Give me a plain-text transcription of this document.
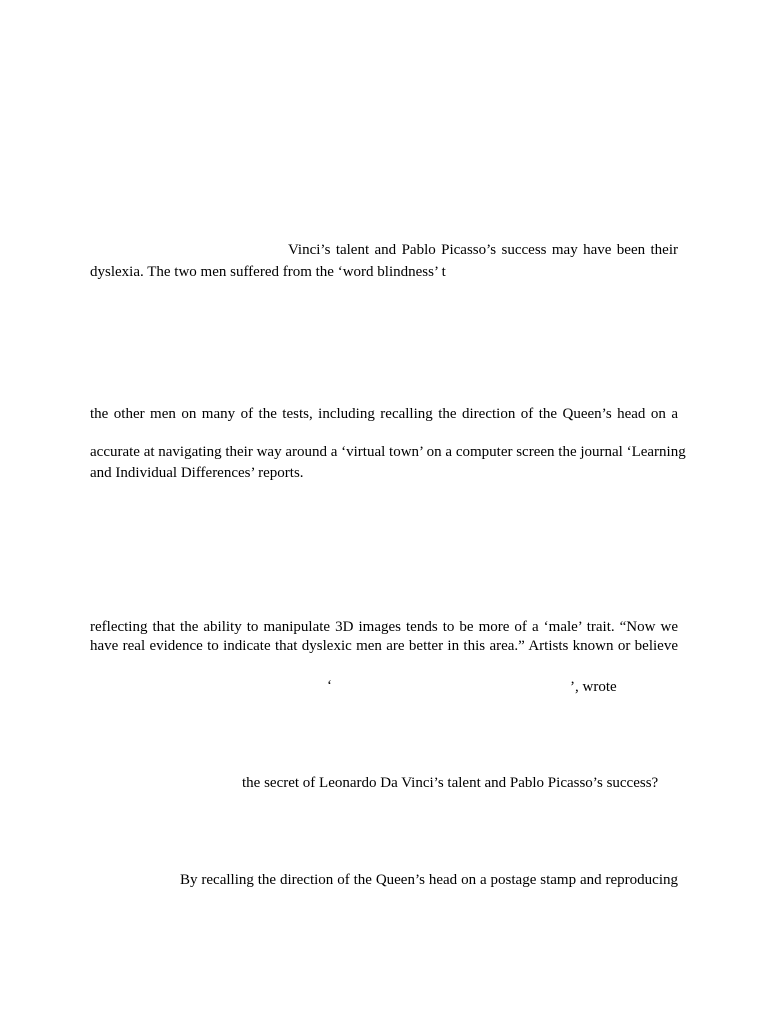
Vinci’s talent and Pablo Picasso’s success may have been their
dyslexia. The two men suffered from the ‘word blindness’ t
the other men on many of the tests, including recalling the direction of the Queen’s head on a
accurate at navigating their way around a ‘virtual town’ on a computer screen the journal ‘Learning
and Individual Differences’ reports.
reflecting that the ability to manipulate 3D images tends to be more of a ‘male’ trait. “Now we
have real evidence to indicate that dyslexic men are better in this area.” Artists known or believe
‘	’, wrote
the secret of Leonardo Da Vinci’s talent and Pablo Picasso’s success?
By recalling the direction of the Queen’s head on a postage stamp and reproducing
